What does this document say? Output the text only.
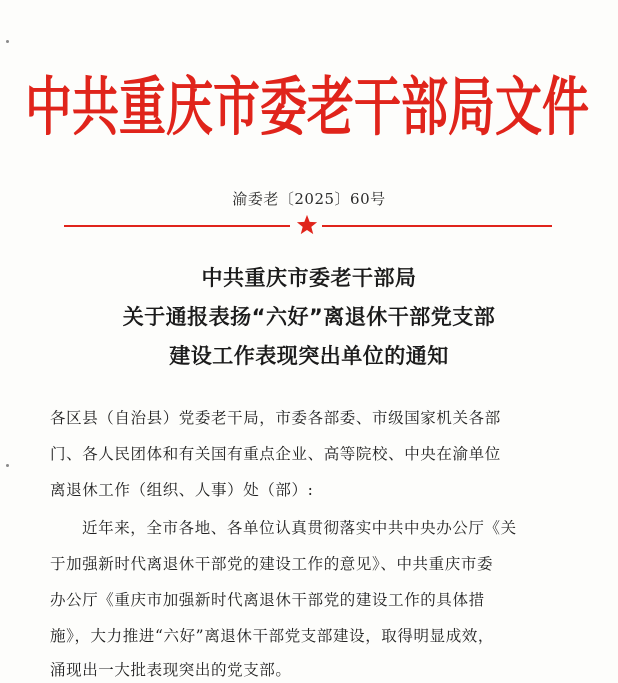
中共重庆市委老干部局文件
渝委老〔2025〕60号
中共重庆市委老干部局
关于通报表扬“六好”离退休干部党支部
建设工作表现突出单位的通知
各区县（自治县）党委老干局，市委各部委、市级国家机关各部
门、各人民团体和有关国有重点企业、高等院校、中央在渝单位
离退休工作（组织、人事）处（部）:
近年来，全市各地、各单位认真贯彻落实中共中央办公厅《关
于加强新时代离退休干部党的建设工作的意见》、中共重庆市委
办公厅《重庆市加强新时代离退休干部党的建设工作的具体措
施》，大力推进“六好”离退休干部党支部建设，取得明显成效，
涌现出一大批表现突出的党支部。
